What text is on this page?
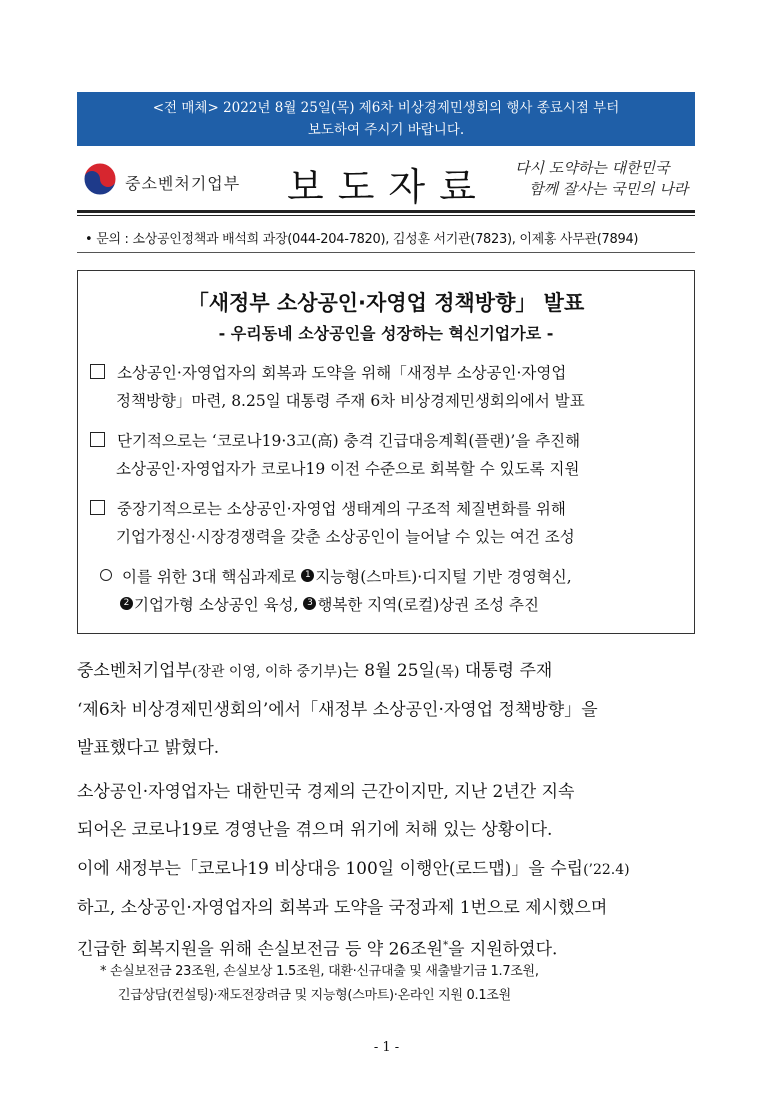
<전 매체> 2022년 8월 25일(목) 제6차 비상경제민생회의 행사 종료시점 부터
보도하여 주시기 바랍니다.
중소벤처기업부 보도자료 다시 도약하는 대한민국
함께 잘사는 국민의 나라
• 문의 : 소상공인정책과 배석희 과장(044-204-7820), 김성훈 서기관(7823), 이제홍 사무관(7894)
「새정부 소상공인·자영업 정책방향」 발표
- 우리동네 소상공인을 성장하는 혁신기업가로 -
소상공인·자영업자의 회복과 도약을 위해「새정부 소상공인·자영업
정책방향」마련, 8.25일 대통령 주재 6차 비상경제민생회의에서 발표
단기적으로는 ‘코로나19·3고(高) 충격 긴급대응계획(플랜)’을 추진해
소상공인·자영업자가 코로나19 이전 수준으로 회복할 수 있도록 지원
중장기적으로는 소상공인·자영업 생태계의 구조적 체질변화를 위해
기업가정신·시장경쟁력을 갖춘 소상공인이 늘어날 수 있는 여건 조성
이를 위한 3대 핵심과제로 1 지능형(스마트)·디지털 기반 경영혁신,
2 기업가형 소상공인 육성, 3 행복한 지역(로컬)상권 조성 추진
중소벤처기업부(장관 이영, 이하 중기부)는 8월 25일(목) 대통령 주재
‘제6차 비상경제민생회의’에서「새정부 소상공인·자영업 정책방향」을
발표했다고 밝혔다.
소상공인·자영업자는 대한민국 경제의 근간이지만, 지난 2년간 지속
되어온 코로나19로 경영난을 겪으며 위기에 처해 있는 상황이다.
이에 새정부는「코로나19 비상대응 100일 이행안(로드맵)」을 수립(’22.4)
하고, 소상공인·자영업자의 회복과 도약을 국정과제 1번으로 제시했으며
긴급한 회복지원을 위해 손실보전금 등 약 26조원*을 지원하였다.
* 손실보전금 23조원, 손실보상 1.5조원, 대환·신규대출 및 새출발기금 1.7조원,
긴급상담(컨설팅)·재도전장려금 및 지능형(스마트)·온라인 지원 0.1조원
- 1 -
